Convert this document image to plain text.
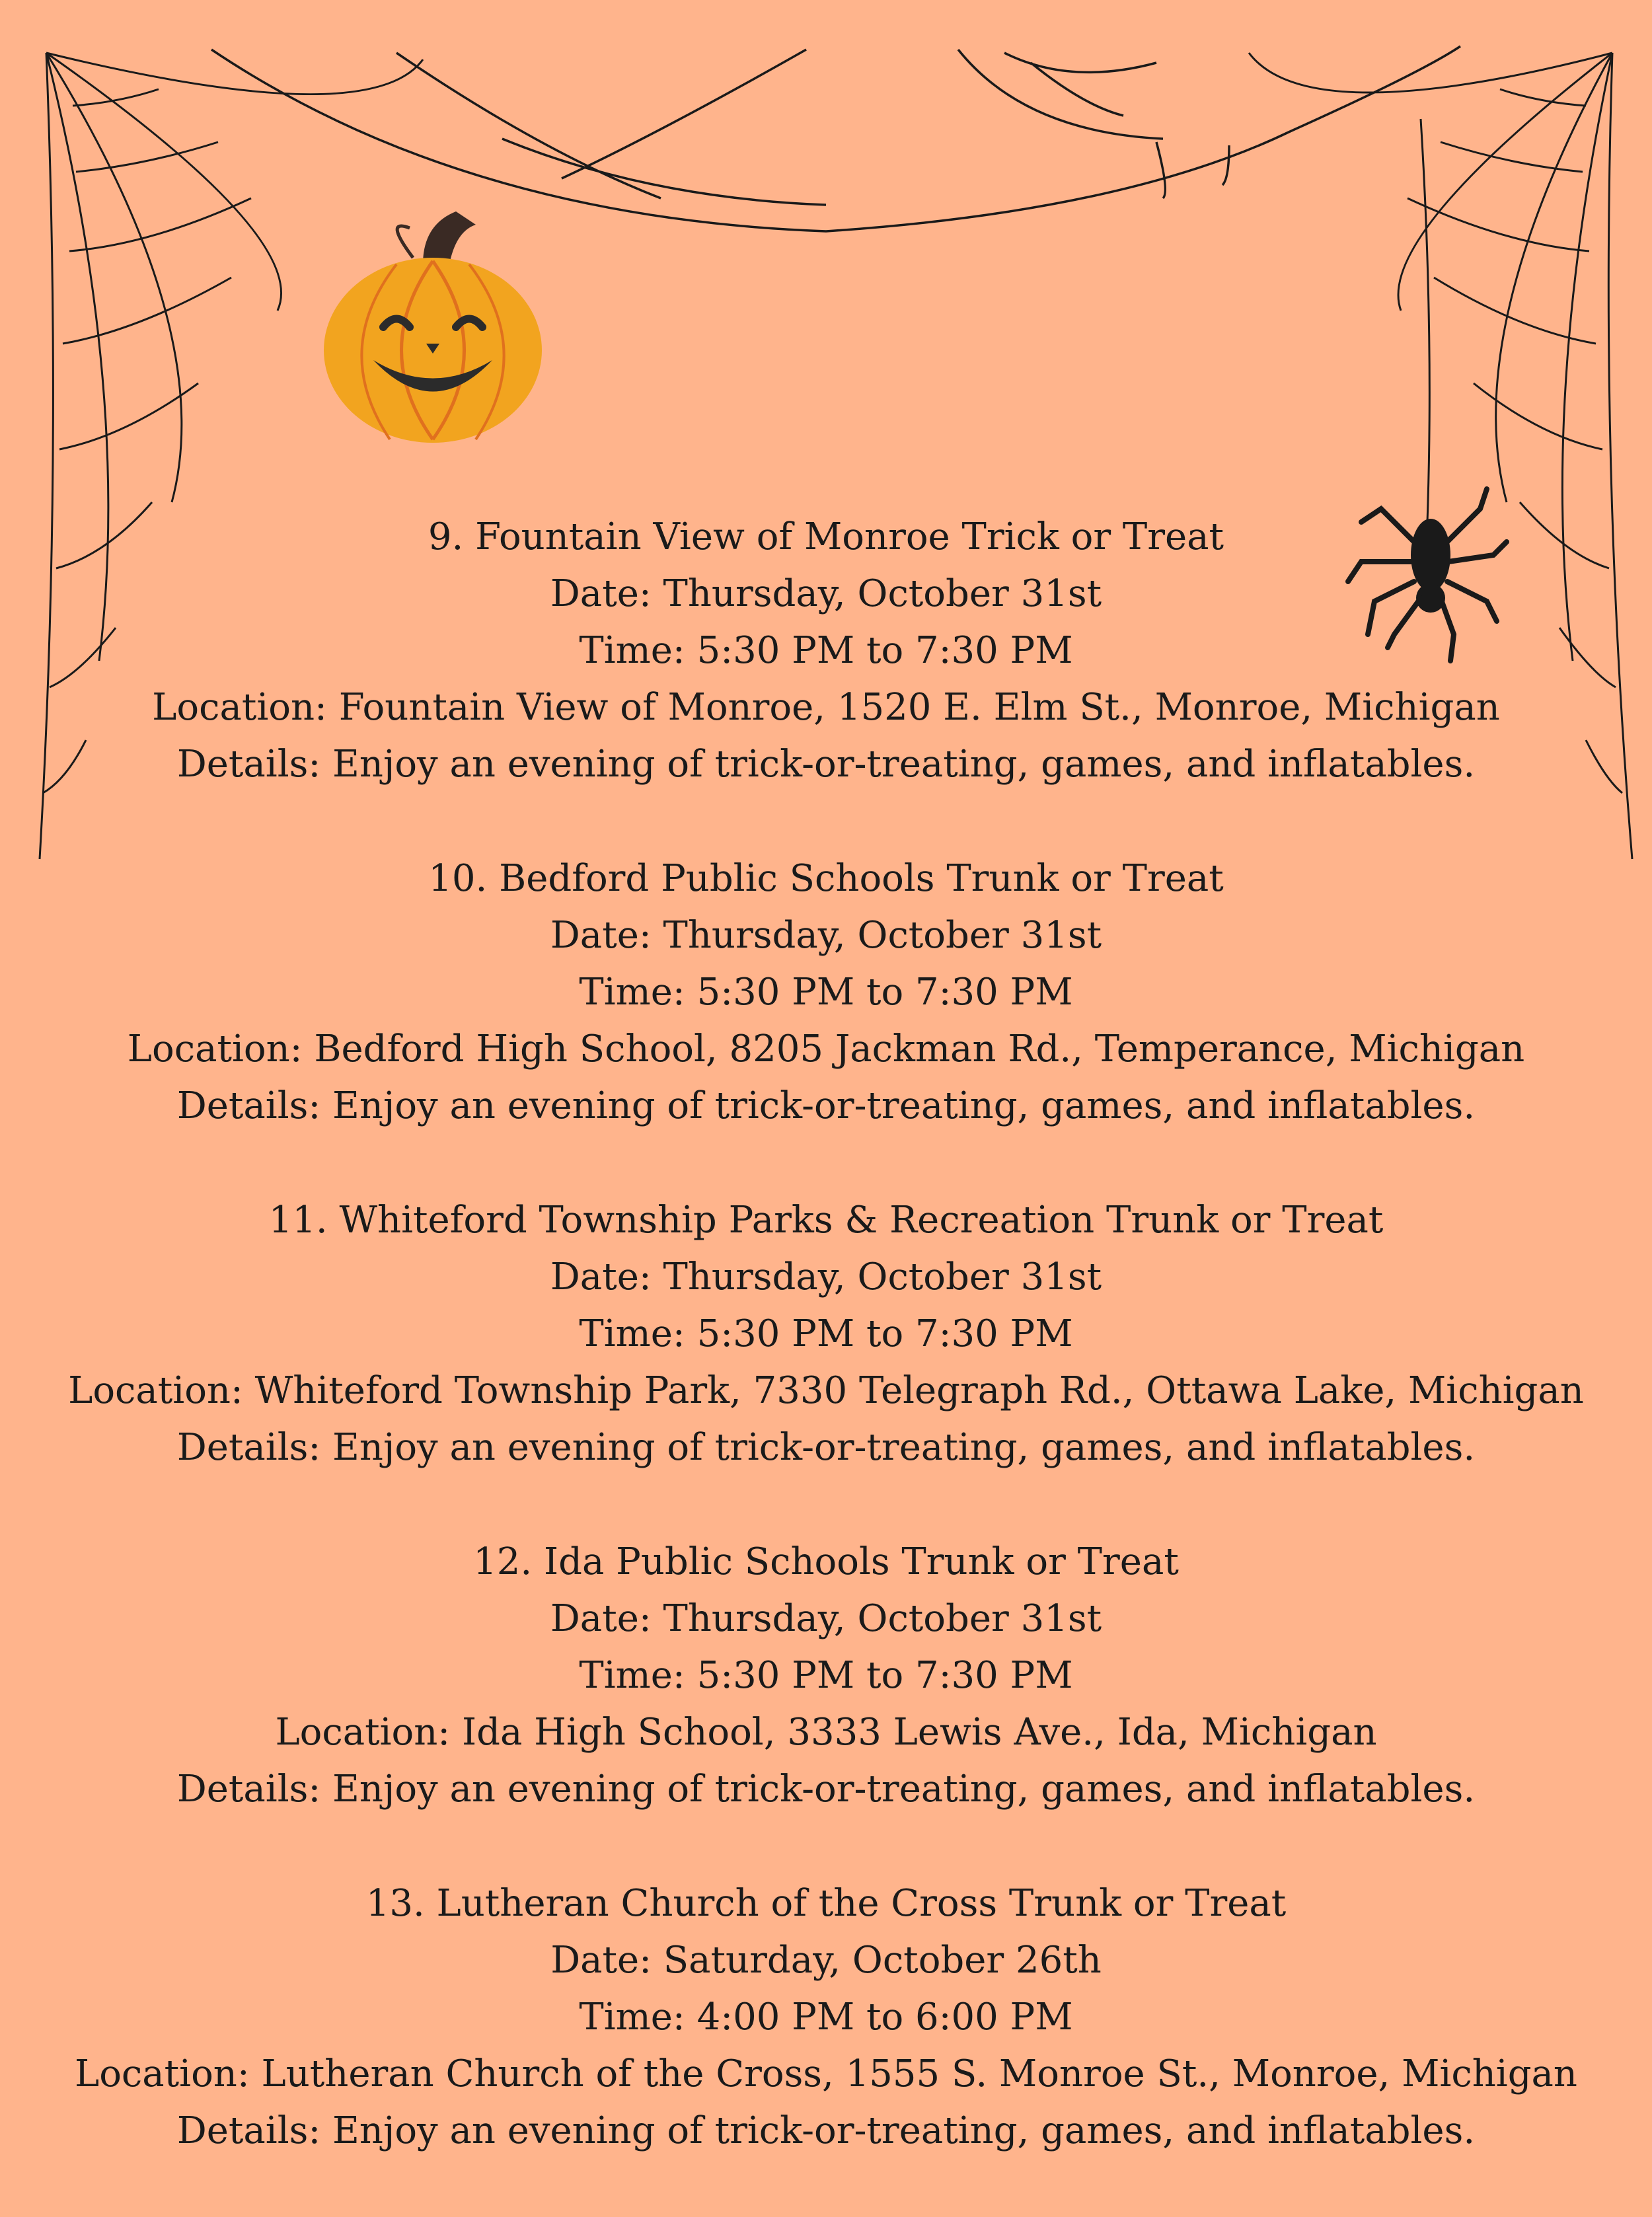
9. Fountain View of Monroe Trick or Treat
Date: Thursday, October 31st
Time: 5:30 PM to 7:30 PM
Location: Fountain View of Monroe, 1520 E. Elm St., Monroe, Michigan
Details: Enjoy an evening of trick-or-treating, games, and inflatables.
10. Bedford Public Schools Trunk or Treat
Date: Thursday, October 31st
Time: 5:30 PM to 7:30 PM
Location: Bedford High School, 8205 Jackman Rd., Temperance, Michigan
Details: Enjoy an evening of trick-or-treating, games, and inflatables.
11. Whiteford Township Parks & Recreation Trunk or Treat
Date: Thursday, October 31st
Time: 5:30 PM to 7:30 PM
Location: Whiteford Township Park, 7330 Telegraph Rd., Ottawa Lake, Michigan
Details: Enjoy an evening of trick-or-treating, games, and inflatables.
12. Ida Public Schools Trunk or Treat
Date: Thursday, October 31st
Time: 5:30 PM to 7:30 PM
Location: Ida High School, 3333 Lewis Ave., Ida, Michigan
Details: Enjoy an evening of trick-or-treating, games, and inflatables.
13. Lutheran Church of the Cross Trunk or Treat
Date: Saturday, October 26th
Time: 4:00 PM to 6:00 PM
Location: Lutheran Church of the Cross, 1555 S. Monroe St., Monroe, Michigan
Details: Enjoy an evening of trick-or-treating, games, and inflatables.
